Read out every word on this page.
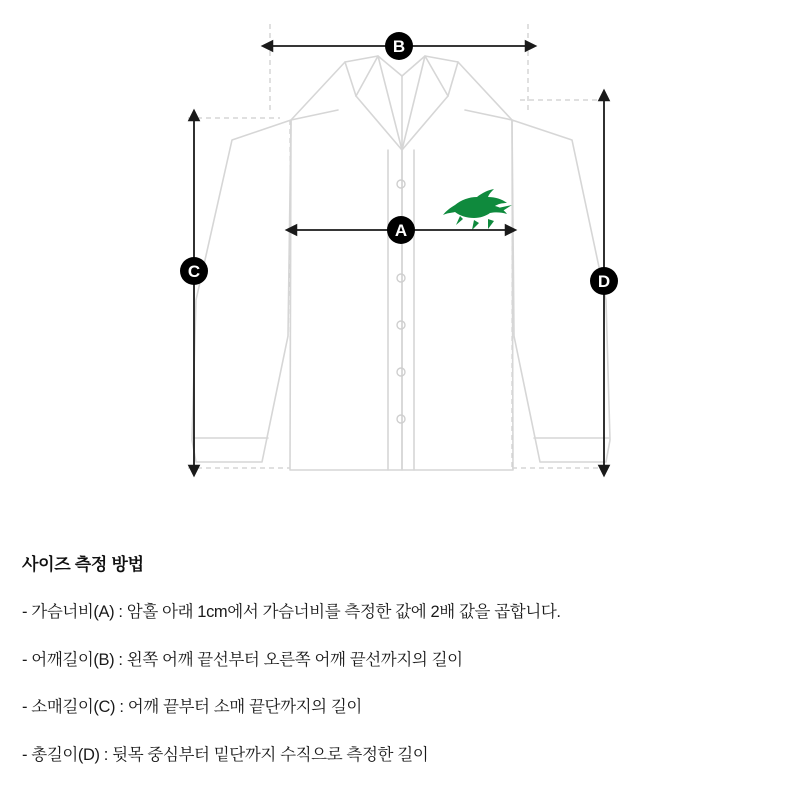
B
A
C
D
사이즈 측정 방법
- 가슴너비(A) : 암홀 아래 1cm에서 가슴너비를 측정한 값에 2배 값을 곱합니다.
- 어깨길이(B) : 왼쪽 어깨 끝선부터 오른쪽 어깨 끝선까지의 길이
- 소매길이(C) : 어깨 끝부터 소매 끝단까지의 길이
- 총길이(D) : 뒷목 중심부터 밑단까지 수직으로 측정한 길이
